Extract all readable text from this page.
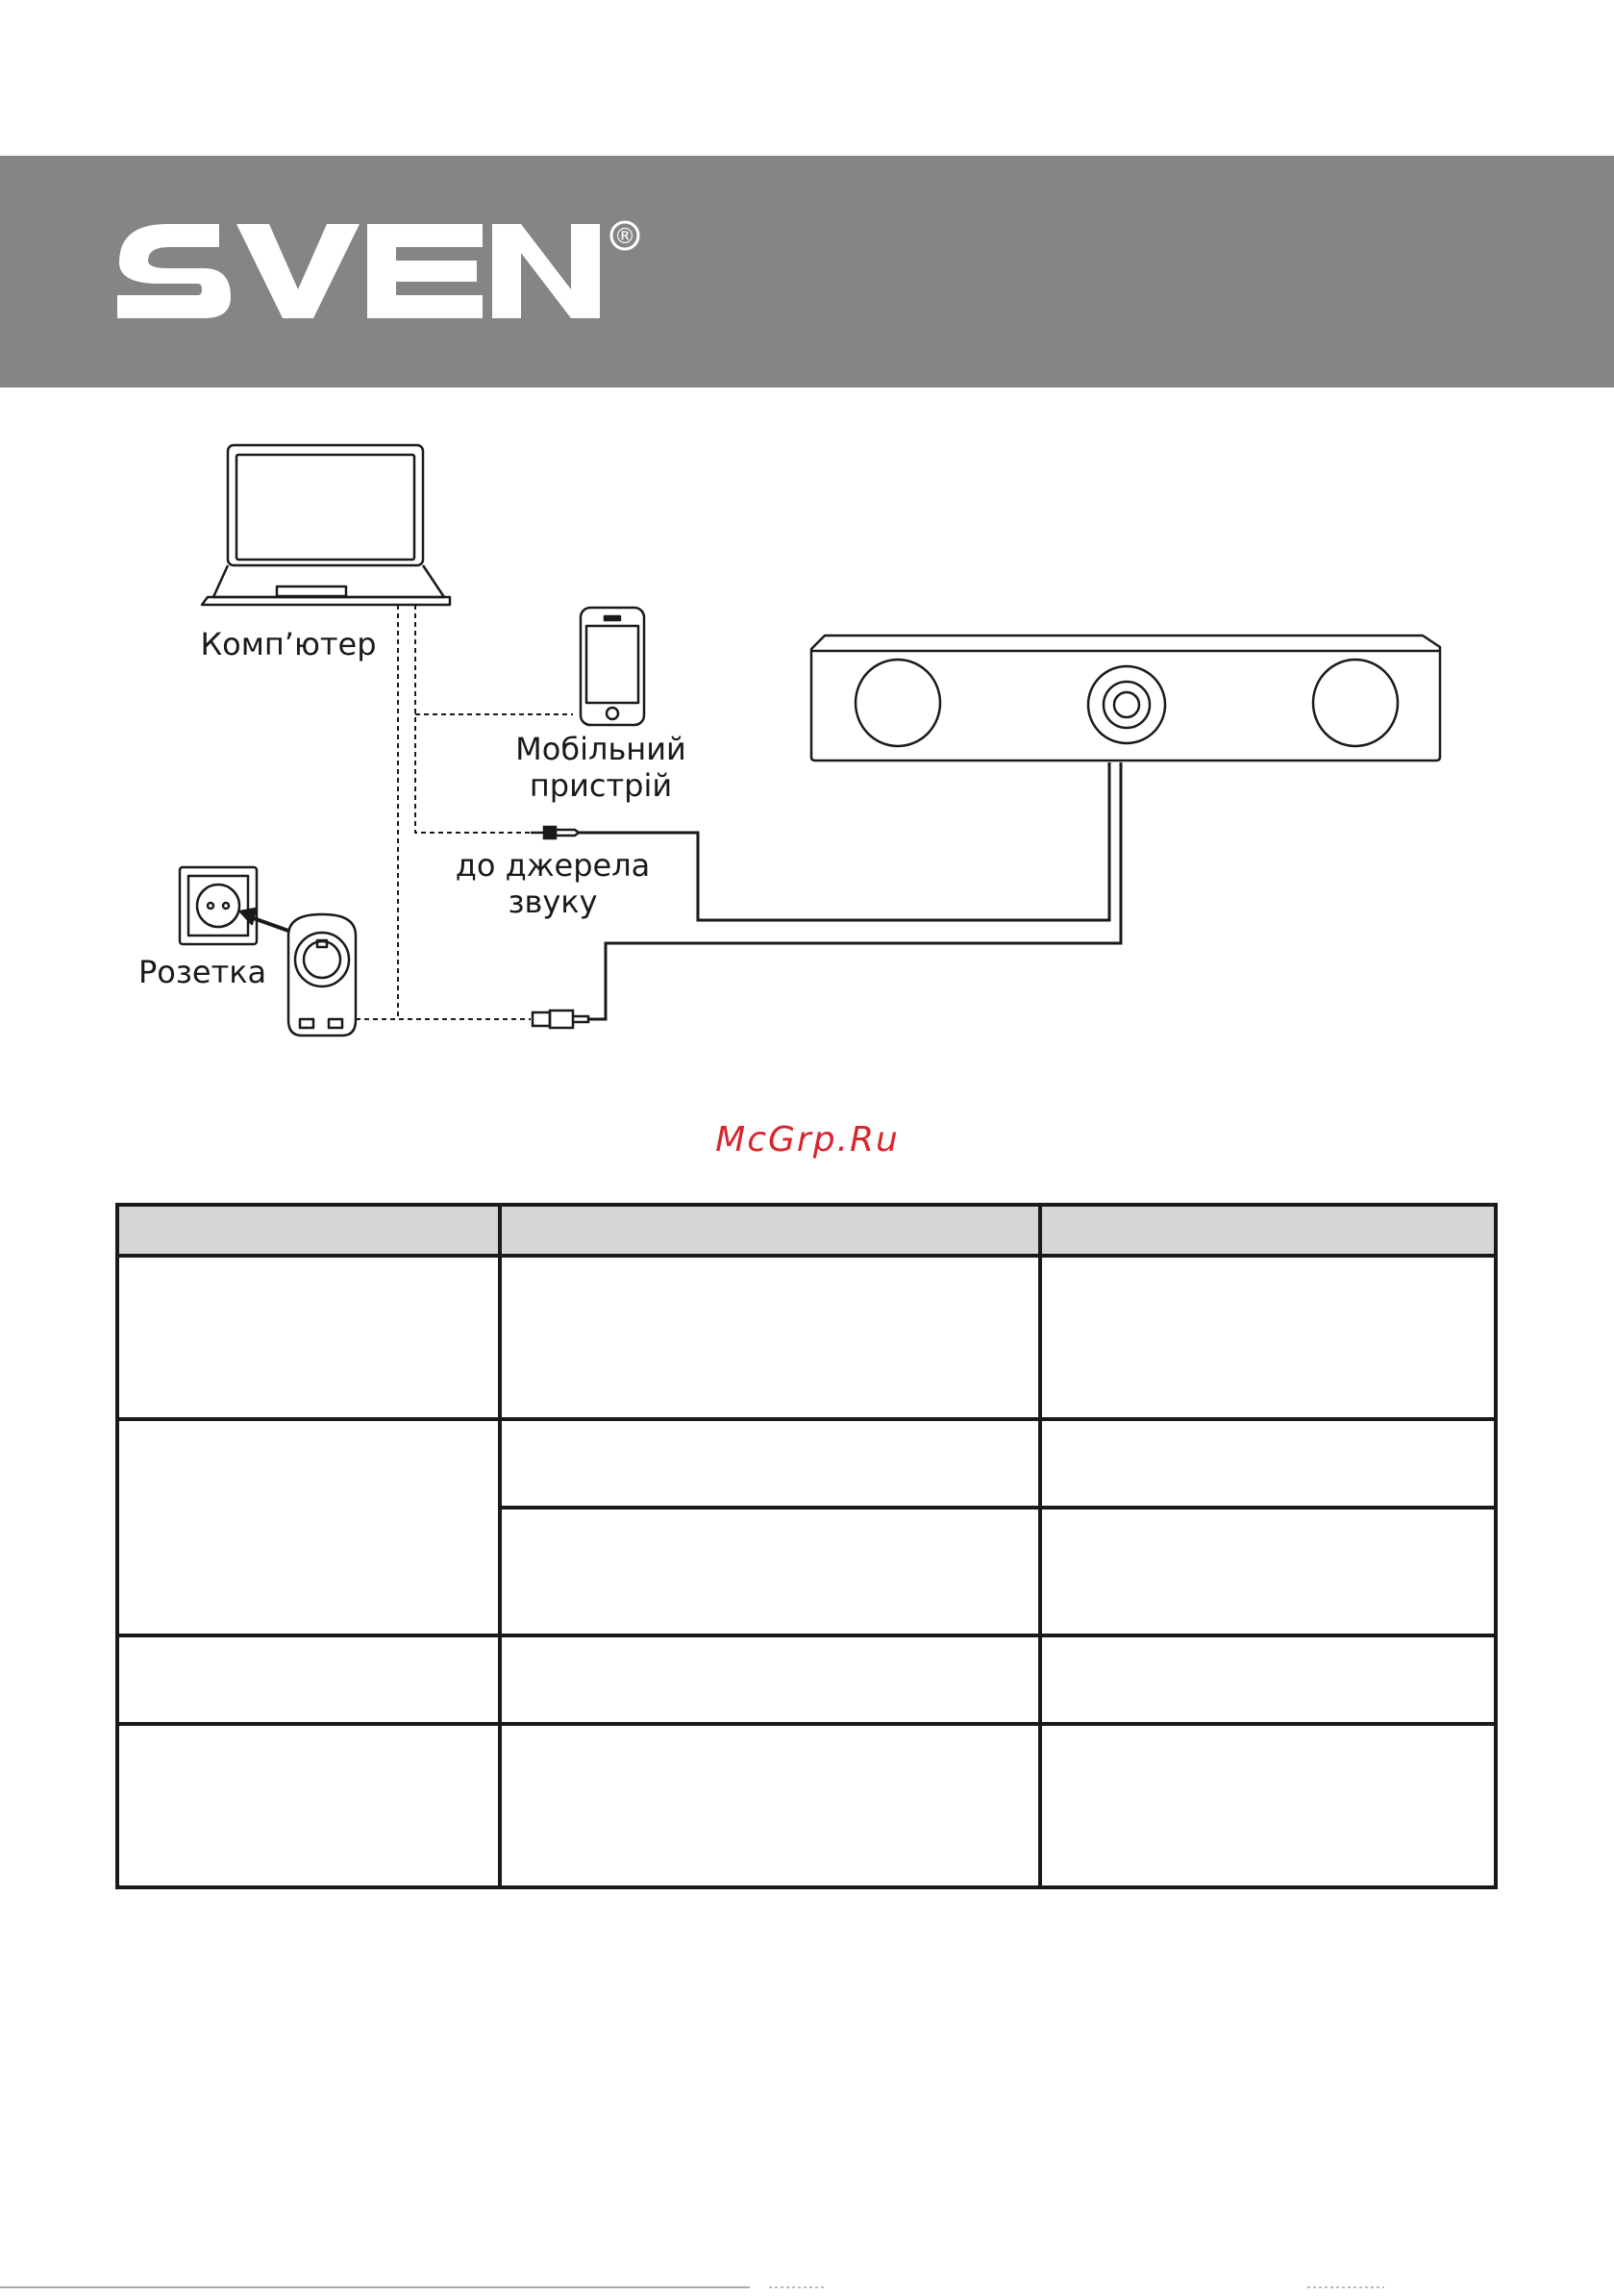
®
SVEN
Комп’ютер
Мобільний
пристрій
до джерела
звуку
Розетка
McGrp.Ru
